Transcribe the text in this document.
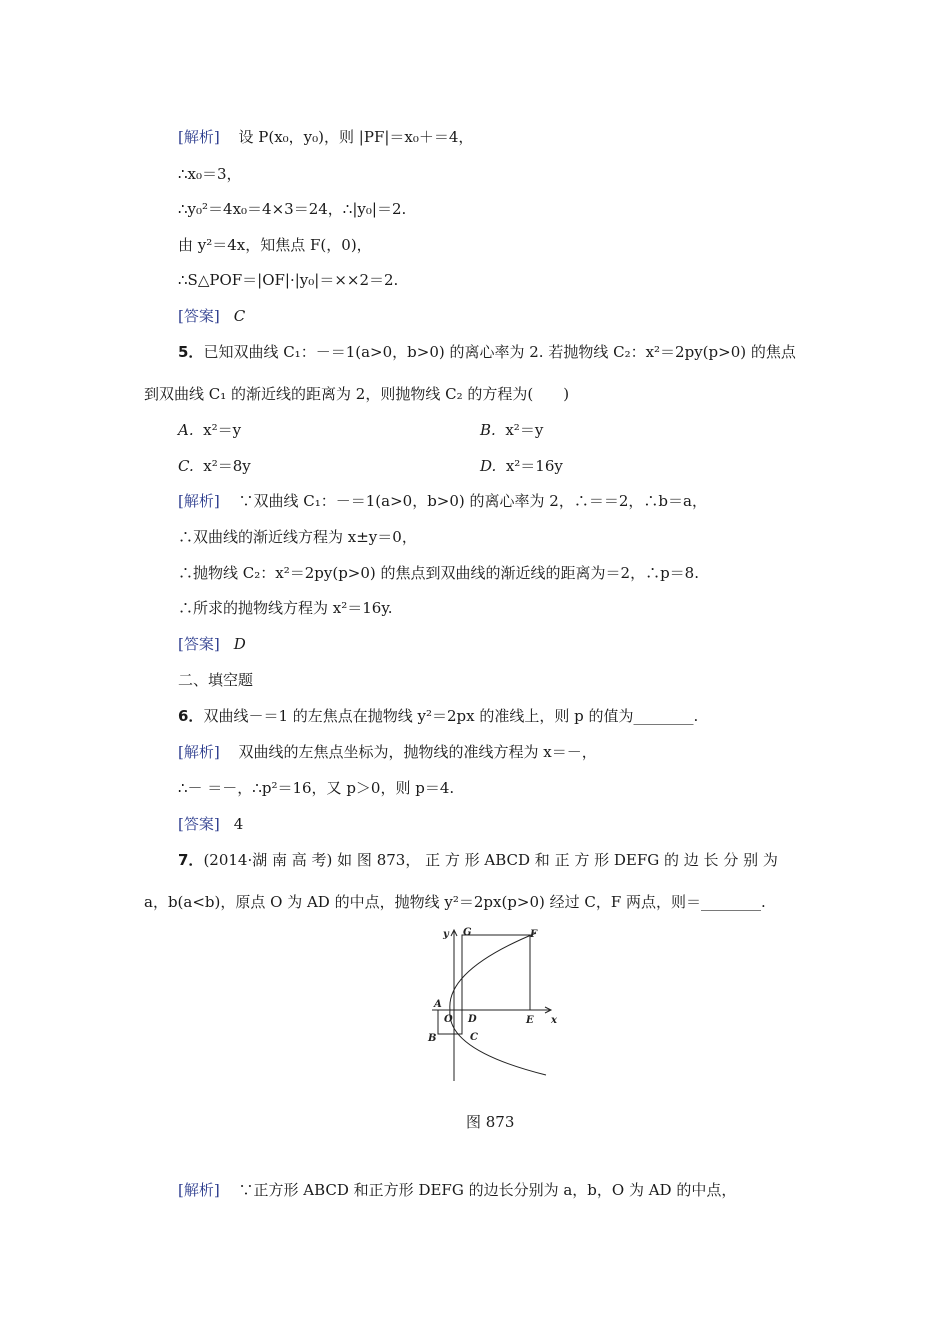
[解析] 设 P(x₀，y₀)，则 |PF|＝x₀＋＝4，
∴x₀＝3，
∴y₀²＝4x₀＝4×3＝24，∴|y₀|＝2.
由 y²＝4x，知焦点 F(，0)，
∴S△POF＝|OF|·|y₀|＝××2＝2.
[答案] C
5．已知双曲线 C₁：－＝1(a>0，b>0) 的离心率为 2. 若抛物线 C₂：x²＝2py(p>0) 的焦点
到双曲线 C₁ 的渐近线的距离为 2，则抛物线 C₂ 的方程为(　　)
A. x²＝y	B. x²＝y
C. x²＝8y	D. x²＝16y
[解析] ∵双曲线 C₁：－＝1(a>0，b>0) 的离心率为 2，∴＝＝2，∴b＝a，
∴双曲线的渐近线方程为 x±y＝0，
∴抛物线 C₂：x²＝2py(p>0) 的焦点到双曲线的渐近线的距离为＝2，∴p＝8.
∴所求的抛物线方程为 x²＝16y.
[答案] D
二、填空题
6．双曲线－＝1 的左焦点在抛物线 y²＝2px 的准线上，则 p 的值为________.
[解析] 双曲线的左焦点坐标为，抛物线的准线方程为 x＝－，
∴－ ＝－，∴p²＝16，又 p＞0，则 p＝4.
[答案] 4
7．(2014·湖 南 高 考) 如 图 873， 正 方 形 ABCD 和 正 方 形 DEFG 的 边 长 分 别 为
a，b(a<b)，原点 O 为 AD 的中点，抛物线 y²＝2px(p>0) 经过 C，F 两点，则＝________.
y
x
G	F
A
O D	E
B	C
图 873
[解析] ∵正方形 ABCD 和正方形 DEFG 的边长分别为 a，b，O 为 AD 的中点，
